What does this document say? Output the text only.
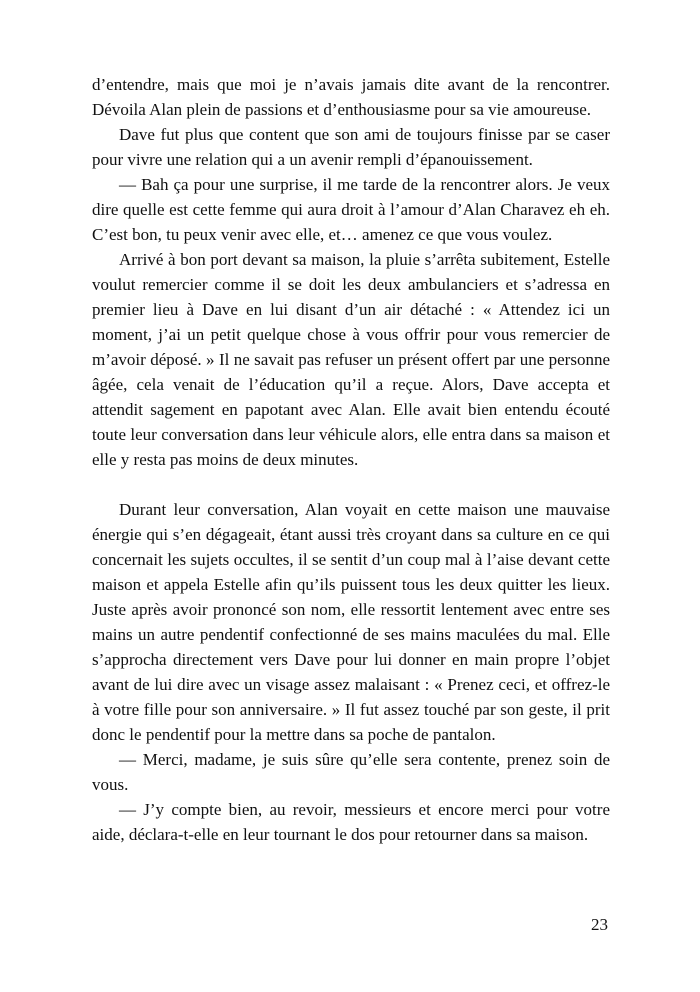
d’entendre, mais que moi je n’avais jamais dite avant de la rencontrer. Dévoila Alan plein de passions et d’enthousiasme pour sa vie amoureuse.

Dave fut plus que content que son ami de toujours finisse par se caser pour vivre une relation qui a un avenir rempli d’épanouissement.

— Bah ça pour une surprise, il me tarde de la rencontrer alors. Je veux dire quelle est cette femme qui aura droit à l’amour d’Alan Charavez eh eh. C’est bon, tu peux venir avec elle, et… amenez ce que vous voulez.

Arrivé à bon port devant sa maison, la pluie s’arrêta subitement, Estelle voulut remercier comme il se doit les deux ambulanciers et s’adressa en premier lieu à Dave en lui disant d’un air détaché : « Attendez ici un moment, j’ai un petit quelque chose à vous offrir pour vous remercier de m’avoir déposé. » Il ne savait pas refuser un présent offert par une personne âgée, cela venait de l’éducation qu’il a reçue. Alors, Dave accepta et attendit sagement en papotant avec Alan. Elle avait bien entendu écouté toute leur conversation dans leur véhicule alors, elle entra dans sa maison et elle y resta pas moins de deux minutes.

Durant leur conversation, Alan voyait en cette maison une mauvaise énergie qui s’en dégageait, étant aussi très croyant dans sa culture en ce qui concernait les sujets occultes, il se sentit d’un coup mal à l’aise devant cette maison et appela Estelle afin qu’ils puissent tous les deux quitter les lieux. Juste après avoir prononcé son nom, elle ressortit lentement avec entre ses mains un autre pendentif confectionné de ses mains maculées du mal. Elle s’approcha directement vers Dave pour lui donner en main propre l’objet avant de lui dire avec un visage assez malaisant : « Prenez ceci, et offrez-le à votre fille pour son anniversaire. » Il fut assez touché par son geste, il prit donc le pendentif pour la mettre dans sa poche de pantalon.

— Merci, madame, je suis sûre qu’elle sera contente, prenez soin de vous.

— J’y compte bien, au revoir, messieurs et encore merci pour votre aide, déclara-t-elle en leur tournant le dos pour retourner dans sa maison.

23
